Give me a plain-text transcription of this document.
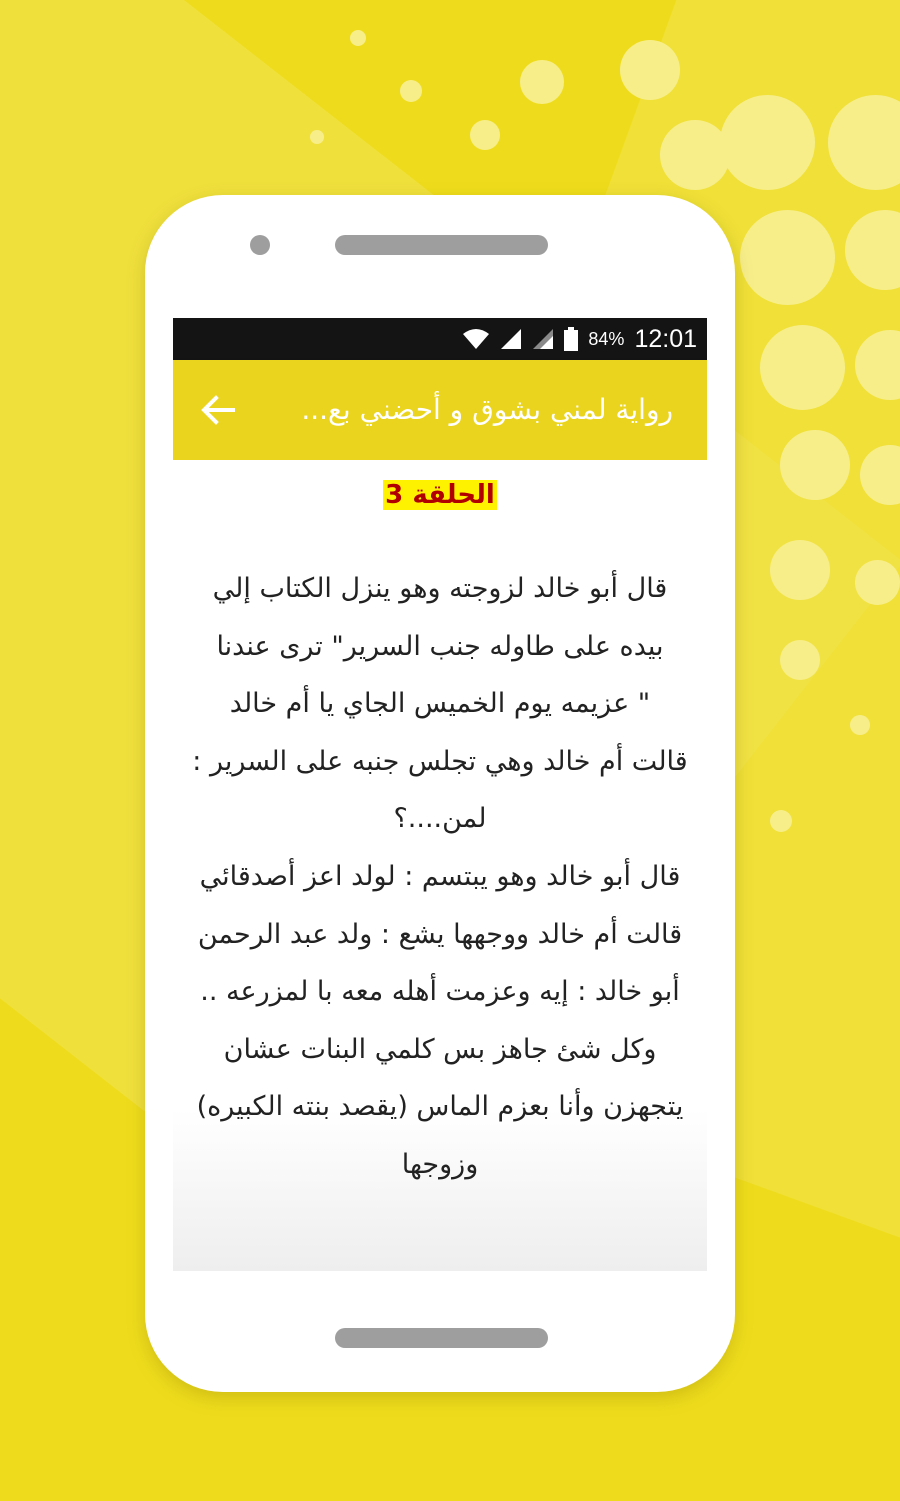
84% 12:01
رواية لمني بشوق و أحضني بع...
الحلقة 3

قال أبو خالد لزوجته وهو ينزل الكتاب إلي
بيده على طاوله جنب السرير" ترى عندنا
" عزيمه يوم الخميس الجاي يا أم خالد
قالت أم خالد وهي تجلس جنبه على السرير :
لمن....؟
قال أبو خالد وهو يبتسم : لولد اعز أصدقائي
قالت أم خالد ووجهها يشع : ولد عبد الرحمن
أبو خالد : إيه وعزمت أهله معه با لمزرعه ..
وكل شئ جاهز بس كلمي البنات عشان
يتجهزن وأنا بعزم الماس (يقصد بنته الكبيره)
وزوجها
